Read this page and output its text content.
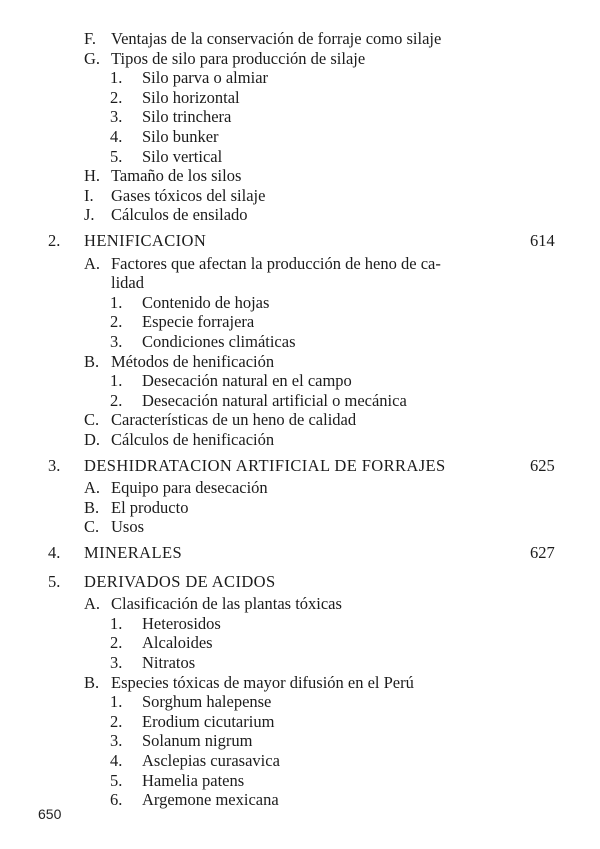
F. Ventajas de la conservación de forraje como silaje
G. Tipos de silo para producción de silaje
1.	Silo parva o almiar
2.	Silo horizontal
3.	Silo trinchera
4.	Silo bunker
5.	Silo vertical
H. Tamaño de los silos
I.	Gases tóxicos del silaje
J. Cálculos de ensilado
2. HENIFICACION	614
A. Factores que afectan la producción de heno de ca-
lidad
1.	Contenido de hojas
2.	Especie forrajera
3.	Condiciones climáticas
B. Métodos de henificación
1.	Desecación natural en el campo
2.	Desecación natural artificial o mecánica
C. Características de un heno de calidad
D. Cálculos de henificación
3. DESHIDRATACION ARTIFICIAL DE FORRAJES	625
A. Equipo para desecación
B. El producto
C. Usos
4. MINERALES	627
5. DERIVADOS DE ACIDOS
A. Clasificación de las plantas tóxicas
1.	Heterosidos
2.	Alcaloides
3.	Nitratos
B. Especies tóxicas de mayor difusión en el Perú
1.	Sorghum halepense
2.	Erodium cicutarium
3.	Solanum nigrum
4.	Asclepias curasavica
5.	Hamelia patens
6.	Argemone mexicana
650
